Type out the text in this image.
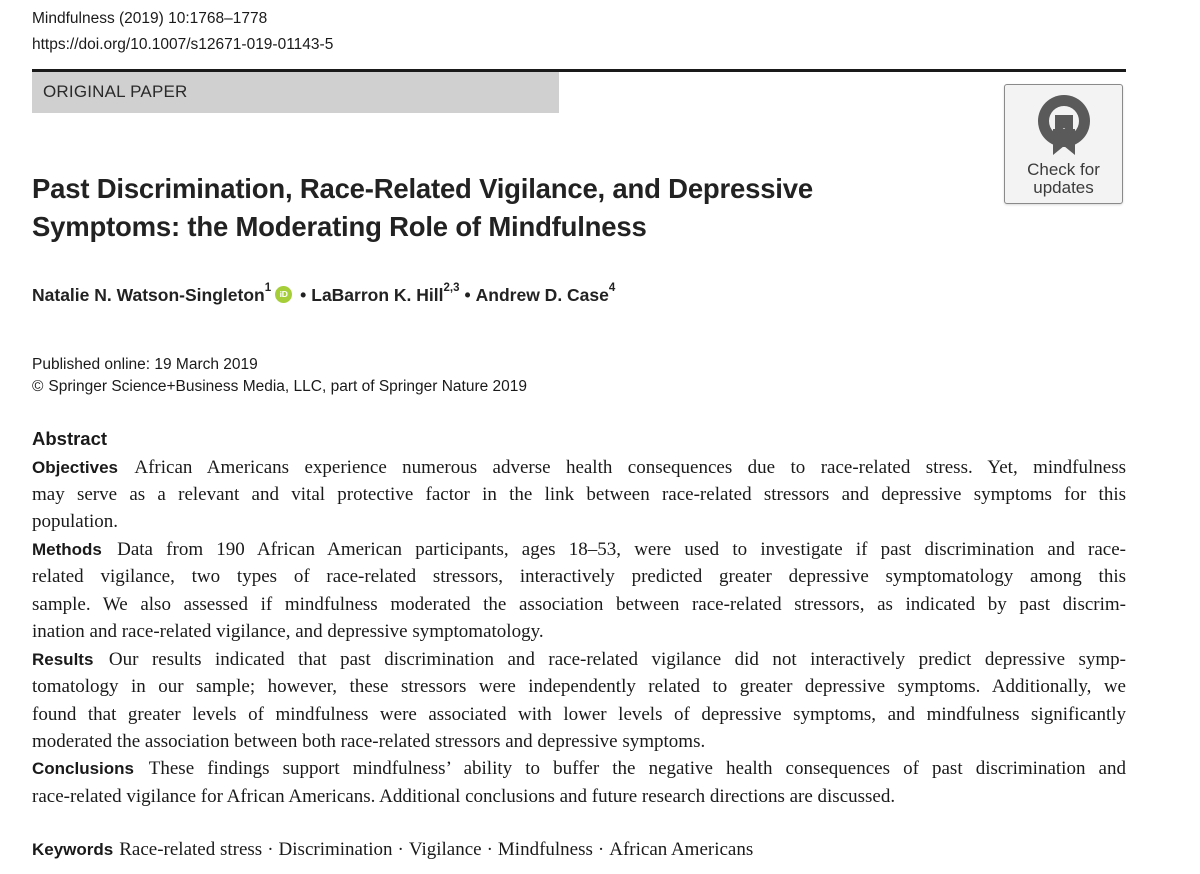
Mindfulness (2019) 10:1768–1778
https://doi.org/10.1007/s12671-019-01143-5
ORIGINAL PAPER
Check for
updates
Past Discrimination, Race-Related Vigilance, and Depressive
Symptoms: the Moderating Role of Mindfulness
Natalie N. Watson-Singleton$^1$ iD • LaBarron K. Hill$^{2,3}$ • Andrew D. Case$^4$
Published online: 19 March 2019
© Springer Science+Business Media, LLC, part of Springer Nature 2019
Abstract
Objectives African Americans experience numerous adverse health consequences due to race-related stress. Yet, mindfulness
may serve as a relevant and vital protective factor in the link between race-related stressors and depressive symptoms for this
population.
Methods Data from 190 African American participants, ages 18–53, were used to investigate if past discrimination and race-
related vigilance, two types of race-related stressors, interactively predicted greater depressive symptomatology among this
sample. We also assessed if mindfulness moderated the association between race-related stressors, as indicated by past discrim-
ination and race-related vigilance, and depressive symptomatology.
Results Our results indicated that past discrimination and race-related vigilance did not interactively predict depressive symp-
tomatology in our sample; however, these stressors were independently related to greater depressive symptoms. Additionally, we
found that greater levels of mindfulness were associated with lower levels of depressive symptoms, and mindfulness significantly
moderated the association between both race-related stressors and depressive symptoms.
Conclusions These findings support mindfulness’ ability to buffer the negative health consequences of past discrimination and
race-related vigilance for African Americans. Additional conclusions and future research directions are discussed.
Keywords Race-related stress · Discrimination · Vigilance · Mindfulness · African Americans
